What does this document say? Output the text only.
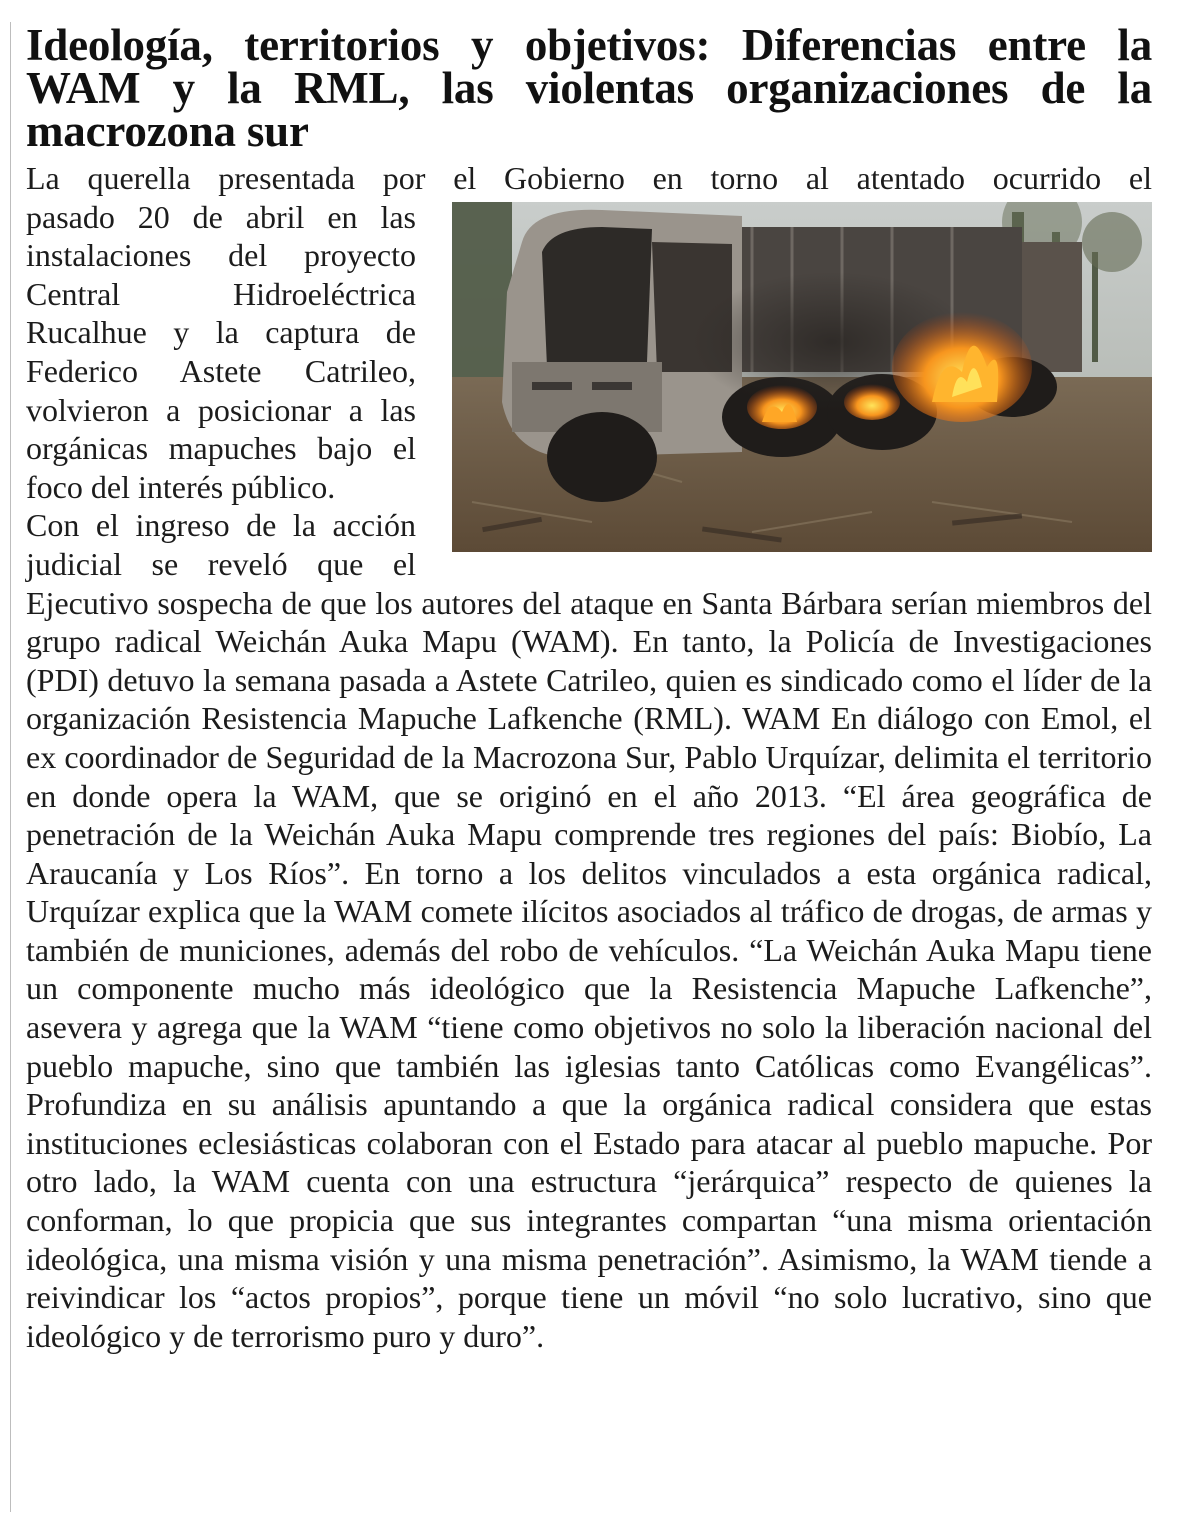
Ideología, territorios y objetivos: Diferencias entre la WAM y la RML, las violentas organizaciones de la macrozona sur
La querella presentada por el Gobierno en torno al atentado ocurrido el
pasado 20 de abril en las instalaciones del proyecto Central Hidroeléctrica Rucalhue y la captura de Federico Astete Catrileo, volvieron a posicionar a las orgánicas mapuches bajo el foco del interés público.
Con el ingreso de la acción judicial se reveló que el Ejecutivo sospecha de que los autores del ataque en Santa Bárbara serían miembros del grupo radical Weichán Auka Mapu (WAM). En tanto, la Policía de Investigaciones (PDI) detuvo la semana pasada a Astete Catrileo, quien es sindicado como el líder de la organización Resistencia Mapuche Lafkenche (RML). WAM En diálogo con Emol, el ex coordinador de Seguridad de la Macrozona Sur, Pablo Urquízar, delimita el territorio en donde opera la WAM, que se originó en el año 2013. “El área geográfica de penetración de la Weichán Auka Mapu comprende tres regiones del país: Biobío, La Araucanía y Los Ríos”. En torno a los delitos vinculados a esta orgánica radical, Urquízar explica que la WAM comete ilícitos asociados al tráfico de drogas, de armas y también de municiones, además del robo de vehículos. “La Weichán Auka Mapu tiene un componente mucho más ideológico que la Resistencia Mapuche Lafkenche”, asevera y agrega que la WAM “tiene como objetivos no solo la liberación nacional del pueblo mapuche, sino que también las iglesias tanto Católicas como Evangélicas”. Profundiza en su análisis apuntando a que la orgánica radical considera que estas instituciones eclesiásticas colaboran con el Estado para atacar al pueblo mapuche. Por otro lado, la WAM cuenta con una estructura “jerárquica” respecto de quienes la conforman, lo que propicia que sus integrantes compartan “una misma orientación ideológica, una misma visión y una misma penetración”. Asimismo, la WAM tiende a reivindicar los “actos propios”, porque tiene un móvil “no solo lucrativo, sino que ideológico y de terrorismo puro y duro”.
